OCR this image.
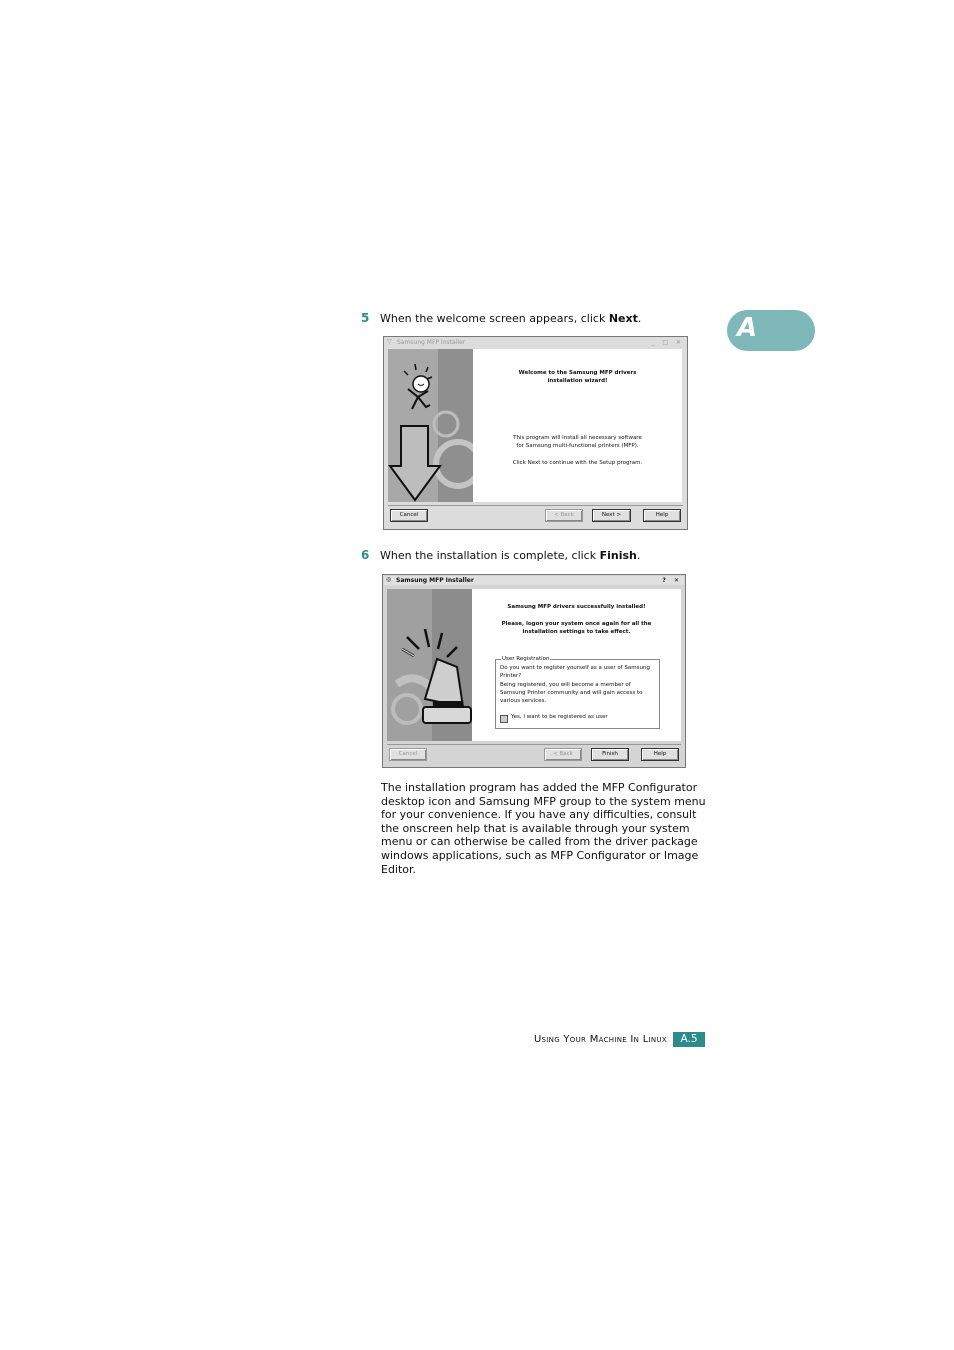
5 When the welcome screen appears, click Next.	A
▽ Samsung MFP Installer	_ □ ✕
Welcome to the Samsung MFP drivers
installation wizard!
This program will install all necessary software
for Samsung multi-functional printers (MFP).
Click Next to continue with the Setup program.
Cancel	< Back	Next >	Help
6 When the installation is complete, click Finish.
◎ Samsung MFP Installer	? ✕
Samsung MFP drivers successfully installed!
Please, logon your system once again for all the
installation settings to take effect.
User Registration
Do you want to register yourself as a user of Samsung
Printer?
Being registered, you will become a member of
Samsung Printer community and will gain access to
various services.
Yes, I want to be registered as user
Cancel	< Back	Finish	Help
The installation program has added the MFP Configurator desktop icon and Samsung MFP group to the system menu for your convenience. If you have any difficulties, consult the onscreen help that is available through your system menu or can otherwise be called from the driver package windows applications, such as MFP Configurator or Image Editor.
Using Your Machine In Linux	A.5
